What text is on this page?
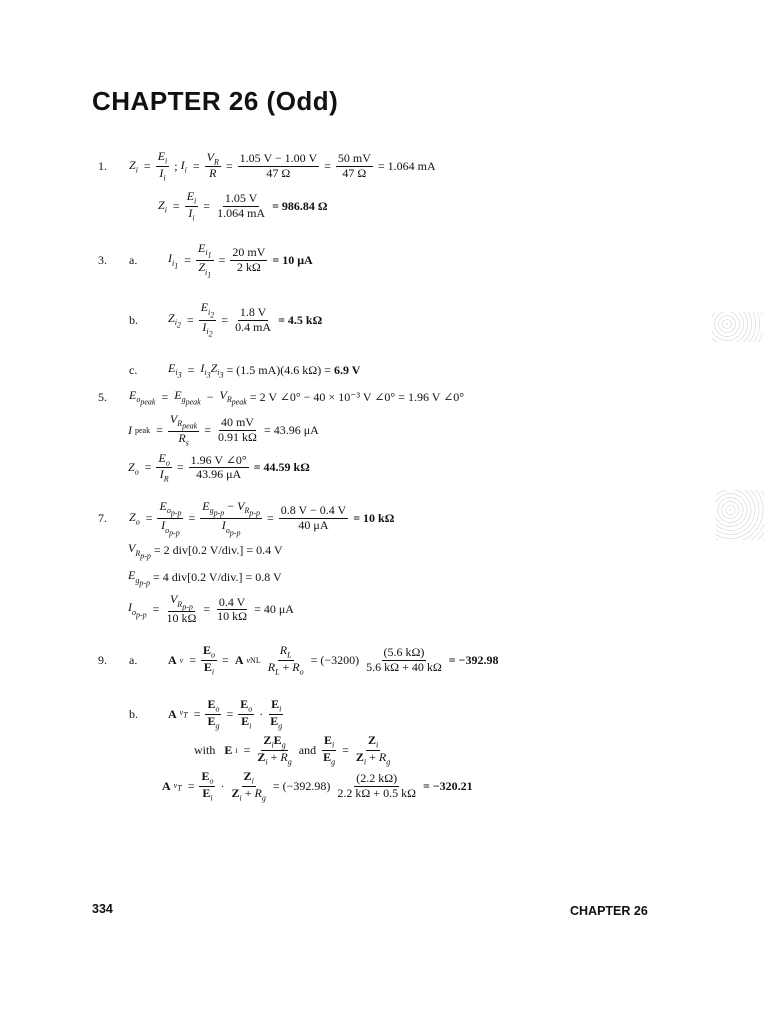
CHAPTER 26 (Odd)
1.	$Z_i = \frac{E_i}{I_i}$ ; $I_i = \frac{V_R}{R} = \frac{1.05 V - 1.00 V}{47 \Omega} = \frac{50 mV}{47 \Omega} = 1.064$ mA
$Z_i = \frac{E_i}{I_i} = \frac{1.05 V}{1.064 mA} = 986.84$ Ω
3.	a.	$I_{i_1} = \frac{E_{i_1}}{Z_{i_1}} = \frac{20 mV}{2 k\Omega} = 10$ μA
b.	$Z_{i_2} = \frac{E_{i_2}}{I_{i_2}} = \frac{1.8 V}{0.4 mA} = 4.5$ kΩ
c.	$E_{i_3} = I_{i_3}Z_{i_3} = (1.5$ mA)(4.6 kΩ) = 6.9 V
5.	$E_{o_{peak}} = E_{g_{peak}} - V_{R_{peak}} = 2$ V ∠0° − 40 × 10⁻³ V ∠0° = 1.96 V ∠0°
I peak = $\frac{V_{R_{peak}}}{R_s} = \frac{40 mV}{0.91 k\Omega} = 43.96$ μA
$Z_o = \frac{E_o}{I_R} = \frac{1.96 V \angle 0^\circ}{43.96 \mu A} = 44.59$ kΩ
7.	$Z_o = \frac{E_{o_{p-p}}}{I_{o_{p-p}}} = \frac{E_{g_{p-p}} - V_{R_{p-p}}}{I_{o_{p-p}}} = \frac{0.8 V - 0.4 V}{40 \mu A} = 10$ kΩ
$V_{R_{p-p}} = 2$ div[0.2 V/div.] = 0.4 V
$E_{g_{p-p}} = 4$ div[0.2 V/div.] = 0.8 V
$I_{o_{p-p}} = \frac{V_{R_{p-p}}}{10 k\Omega} = \frac{0.4 V}{10 k\Omega} = 40$ μA
9.	a.	A $v = \frac{E_o}{E_i} = A$ vNL $\frac{R_L}{R_L + R_o} = (-3200) \frac{(5.6 k\Omega)}{5.6 k\Omega + 40 k\Omega} = -392.98$
b.	A $v_T = \frac{E_o}{E_g} = \frac{E_o}{E_i} \cdot \frac{E_i}{E_g}$
with
E $i = \frac{Z_iE_g}{Z_i + R_g}$ and $\frac{E_i}{E_g} = \frac{Z_i}{Z_i + R_g}$
A $v_T = \frac{E_o}{E_i} \cdot \frac{Z_i}{Z_i + R_g} = (-392.98) \frac{(2.2 k\Omega)}{2.2 k\Omega + 0.5 k\Omega} = -320.21$
334	CHAPTER 26
